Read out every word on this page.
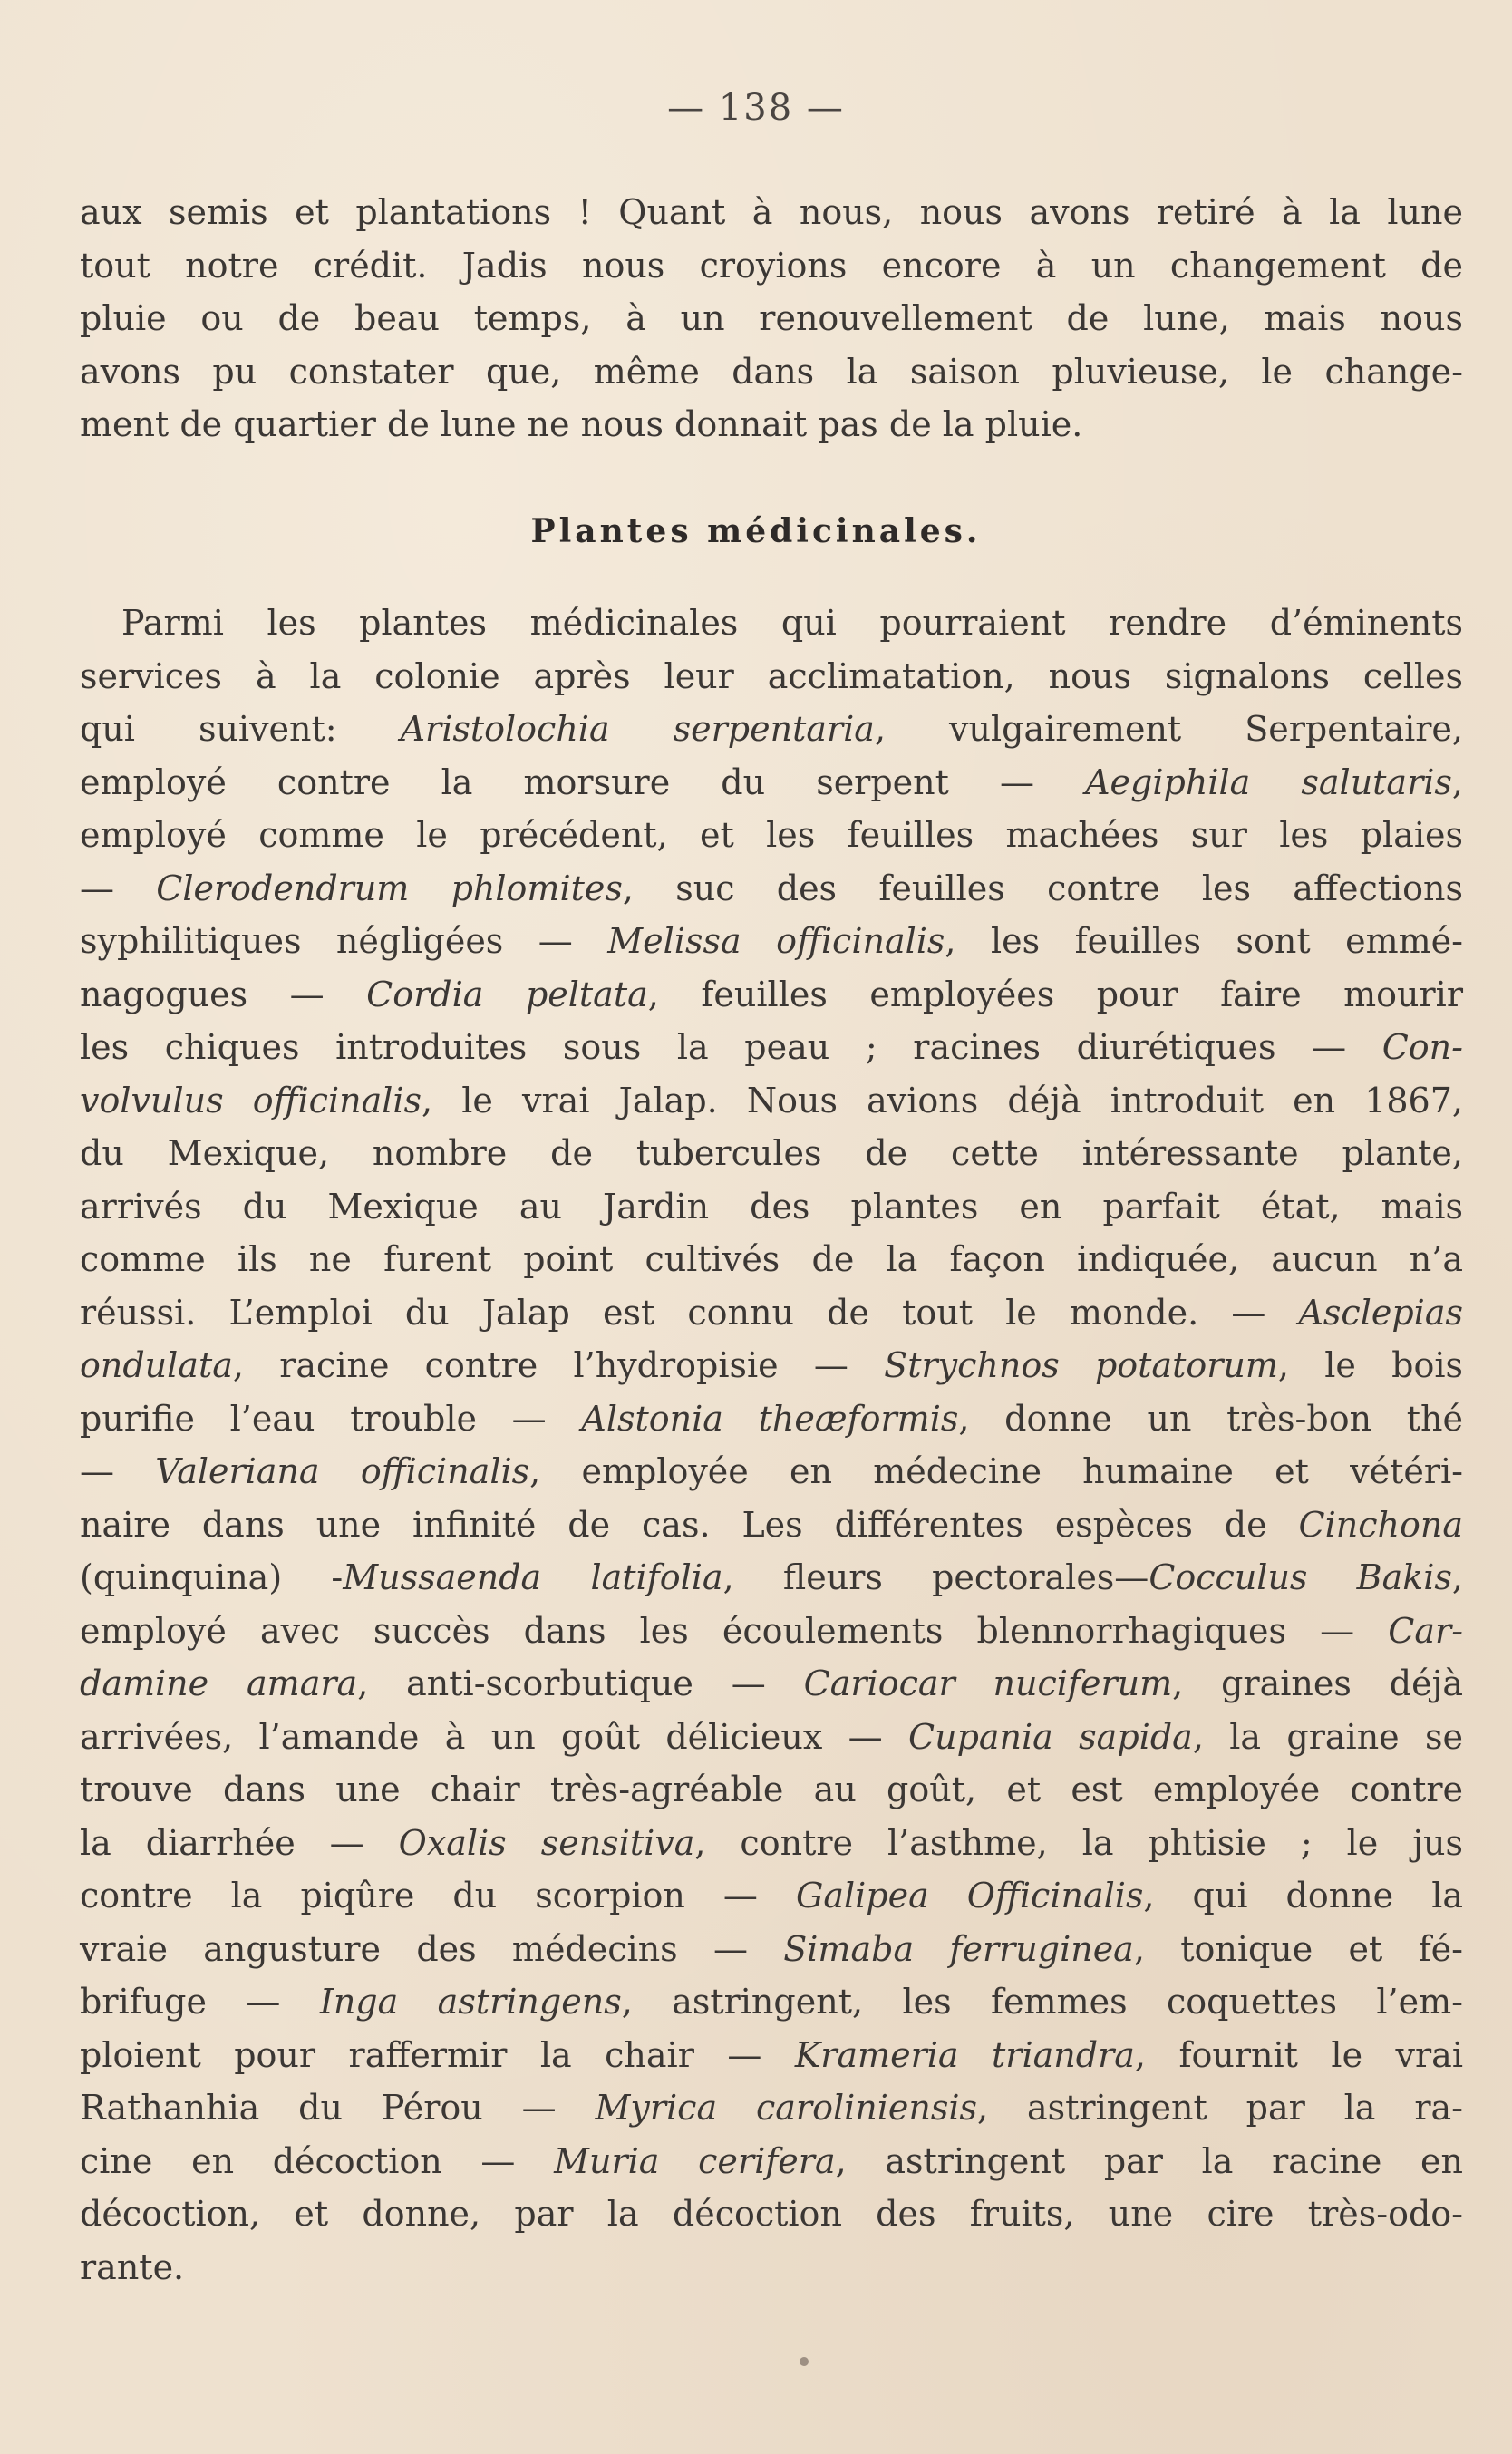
— 138 —
aux semis et plantations ! Quant à nous, nous avons retiré à la lune
tout notre crédit. Jadis nous croyions encore à un changement de
pluie ou de beau temps, à un renouvellement de lune, mais nous
avons pu constater que, même dans la saison pluvieuse, le change-
ment de quartier de lune ne nous donnait pas de la pluie.
Plantes médicinales.
Parmi les plantes médicinales qui pourraient rendre d’éminents
services à la colonie après leur acclimatation, nous signalons celles
qui suivent: Aristolochia serpentaria, vulgairement Serpentaire,
employé contre la morsure du serpent — Aegiphila salutaris,
employé comme le précédent, et les feuilles machées sur les plaies
— Clerodendrum phlomites, suc des feuilles contre les affections
syphilitiques négligées — Melissa officinalis, les feuilles sont emmé-
nagogues — Cordia peltata, feuilles employées pour faire mourir
les chiques introduites sous la peau ; racines diurétiques — Con-
volvulus officinalis, le vrai Jalap. Nous avions déjà introduit en 1867,
du Mexique, nombre de tubercules de cette intéressante plante,
arrivés du Mexique au Jardin des plantes en parfait état, mais
comme ils ne furent point cultivés de la façon indiquée, aucun n’a
réussi. L’emploi du Jalap est connu de tout le monde. — Asclepias
ondulata, racine contre l’hydropisie — Strychnos potatorum, le bois
purifie l’eau trouble — Alstonia theæformis, donne un très-bon thé
— Valeriana officinalis, employée en médecine humaine et vétéri-
naire dans une infinité de cas. Les différentes espèces de Cinchona
(quinquina) -Mussaenda latifolia, fleurs pectorales—Cocculus Bakis,
employé avec succès dans les écoulements blennorrhagiques — Car-
damine amara, anti-scorbutique — Cariocar nuciferum, graines déjà
arrivées, l’amande à un goût délicieux — Cupania sapida, la graine se
trouve dans une chair très-agréable au goût, et est employée contre
la diarrhée — Oxalis sensitiva, contre l’asthme, la phtisie ; le jus
contre la piqûre du scorpion — Galipea Officinalis, qui donne la
vraie angusture des médecins — Simaba ferruginea, tonique et fé-
brifuge — Inga astringens, astringent, les femmes coquettes l’em-
ploient pour raffermir la chair — Krameria triandra, fournit le vrai
Rathanhia du Pérou — Myrica caroliniensis, astringent par la ra-
cine en décoction — Muria cerifera, astringent par la racine en
décoction, et donne, par la décoction des fruits, une cire très-odo-
rante.
